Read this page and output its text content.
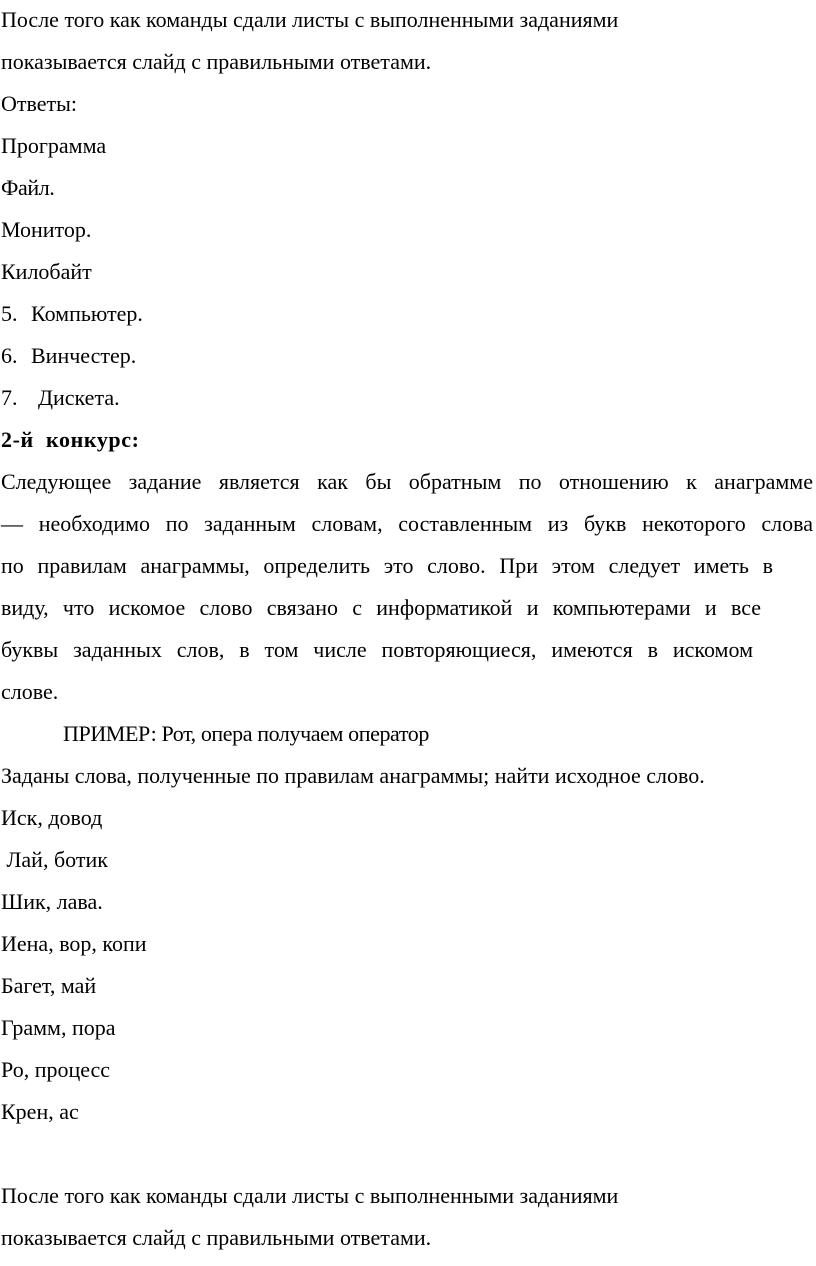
После того как команды сдали листы с выполненными заданиями
показывается слайд с правильными ответами.
Ответы:
Программа
Файл.
Монитор.
Килобайт
5. Компьютер.
6. Винчестер.
7. Дискета.
2-й  конкурс:
Следующее задание является как бы обратным по отношению к анаграмме
— необходимо по заданным словам, составленным из букв некоторого слова
по правилам анаграммы, определить это слово. При этом следует иметь в
виду, что искомое слово связано с информатикой и компьютерами и все
буквы заданных слов, в том числе повторяющиеся, имеются в искомом
слове.
ПРИМЕР: Рот, опера получаем оператор
Заданы слова, полученные по правилам анаграммы; найти исходное слово.
Иск, довод
Лай, ботик
Шик, лава.
Иена, вор, копи
Багет, май
Грамм, пора
Ро, процесс
Крен, ас
После того как команды сдали листы с выполненными заданиями
показывается слайд с правильными ответами.
